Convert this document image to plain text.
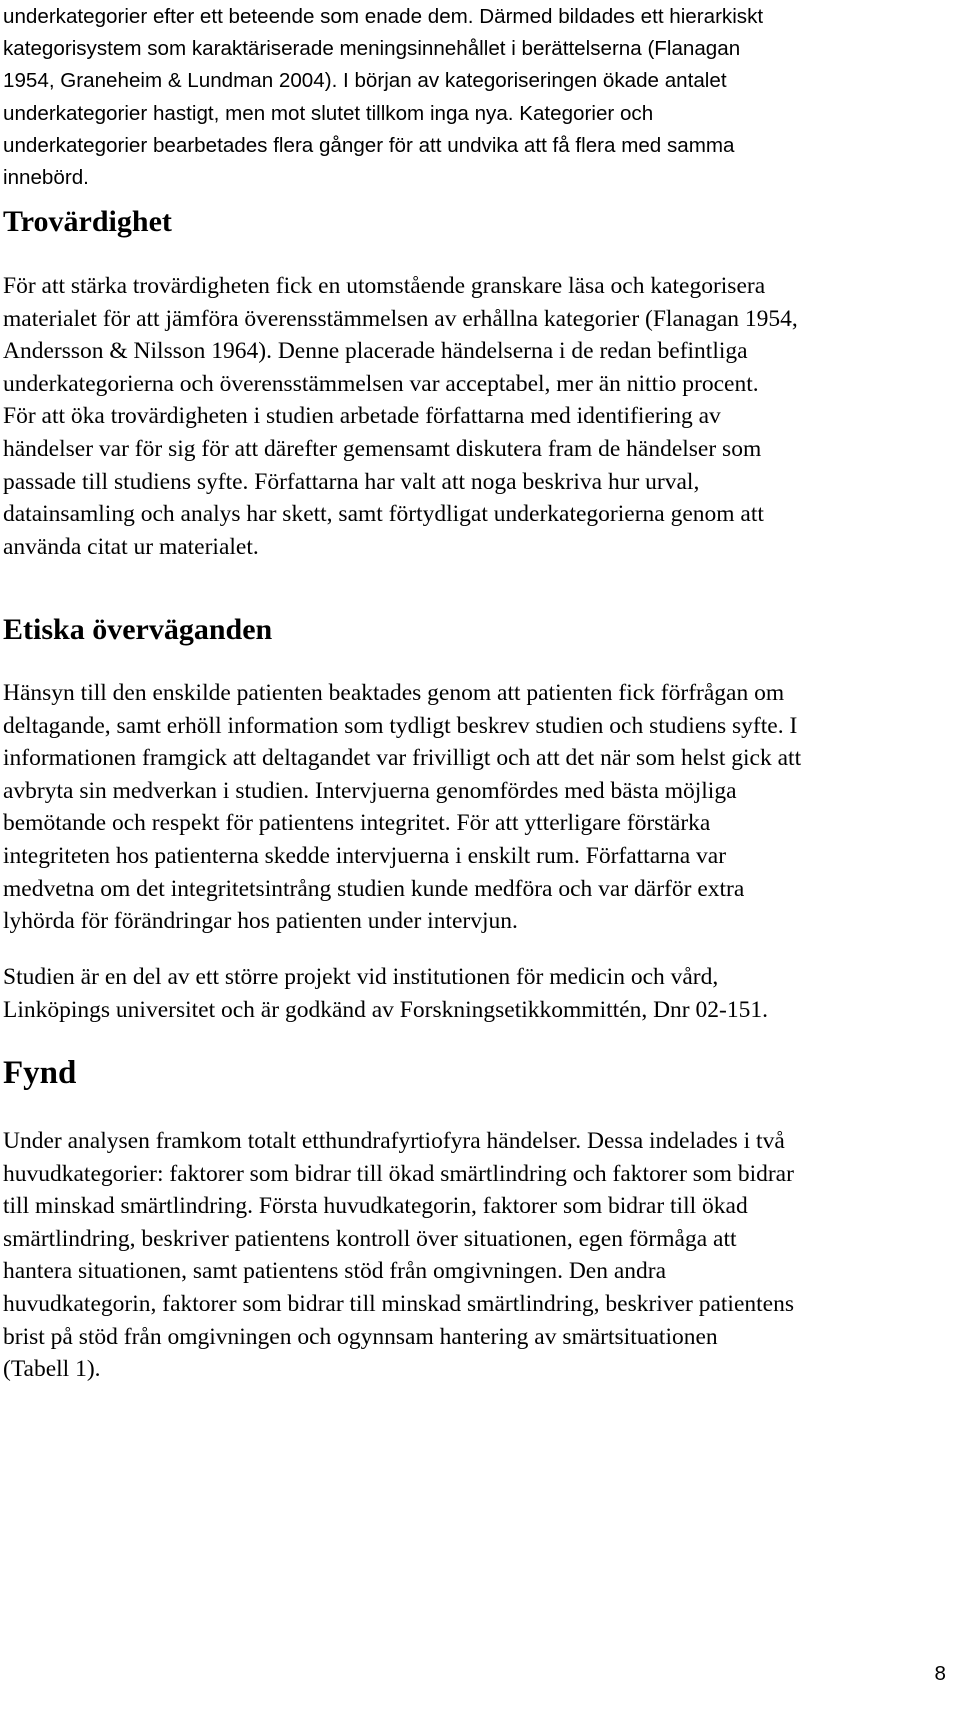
underkategorier efter ett beteende som enade dem. Därmed bildades ett hierarkiskt
kategorisystem som karaktäriserade meningsinnehållet i berättelserna (Flanagan
1954, Graneheim & Lundman 2004). I början av kategoriseringen ökade antalet
underkategorier hastigt, men mot slutet tillkom inga nya. Kategorier och
underkategorier bearbetades flera gånger för att undvika att få flera med samma
innebörd.
Trovärdighet
För att stärka trovärdigheten fick en utomstående granskare läsa och kategorisera
materialet för att jämföra överensstämmelsen av erhållna kategorier (Flanagan 1954,
Andersson & Nilsson 1964). Denne placerade händelserna i de redan befintliga
underkategorierna och överensstämmelsen var acceptabel, mer än nittio procent.
För att öka trovärdigheten i studien arbetade författarna med identifiering av
händelser var för sig för att därefter gemensamt diskutera fram de händelser som
passade till studiens syfte. Författarna har valt att noga beskriva hur urval,
datainsamling och analys har skett, samt förtydligat underkategorierna genom att
använda citat ur materialet.
Etiska överväganden
Hänsyn till den enskilde patienten beaktades genom att patienten fick förfrågan om
deltagande, samt erhöll information som tydligt beskrev studien och studiens syfte. I
informationen framgick att deltagandet var frivilligt och att det när som helst gick att
avbryta sin medverkan i studien. Intervjuerna genomfördes med bästa möjliga
bemötande och respekt för patientens integritet. För att ytterligare förstärka
integriteten hos patienterna skedde intervjuerna i enskilt rum. Författarna var
medvetna om det integritetsintrång studien kunde medföra och var därför extra
lyhörda för förändringar hos patienten under intervjun.
Studien är en del av ett större projekt vid institutionen för medicin och vård,
Linköpings universitet och är godkänd av Forskningsetikkommittén, Dnr 02-151.
Fynd
Under analysen framkom totalt etthundrafyrtiofyra händelser. Dessa indelades i två
huvudkategorier: faktorer som bidrar till ökad smärtlindring och faktorer som bidrar
till minskad smärtlindring. Första huvudkategorin, faktorer som bidrar till ökad
smärtlindring, beskriver patientens kontroll över situationen, egen förmåga att
hantera situationen, samt patientens stöd från omgivningen. Den andra
huvudkategorin, faktorer som bidrar till minskad smärtlindring, beskriver patientens
brist på stöd från omgivningen och ogynnsam hantering av smärtsituationen
(Tabell 1).
8
